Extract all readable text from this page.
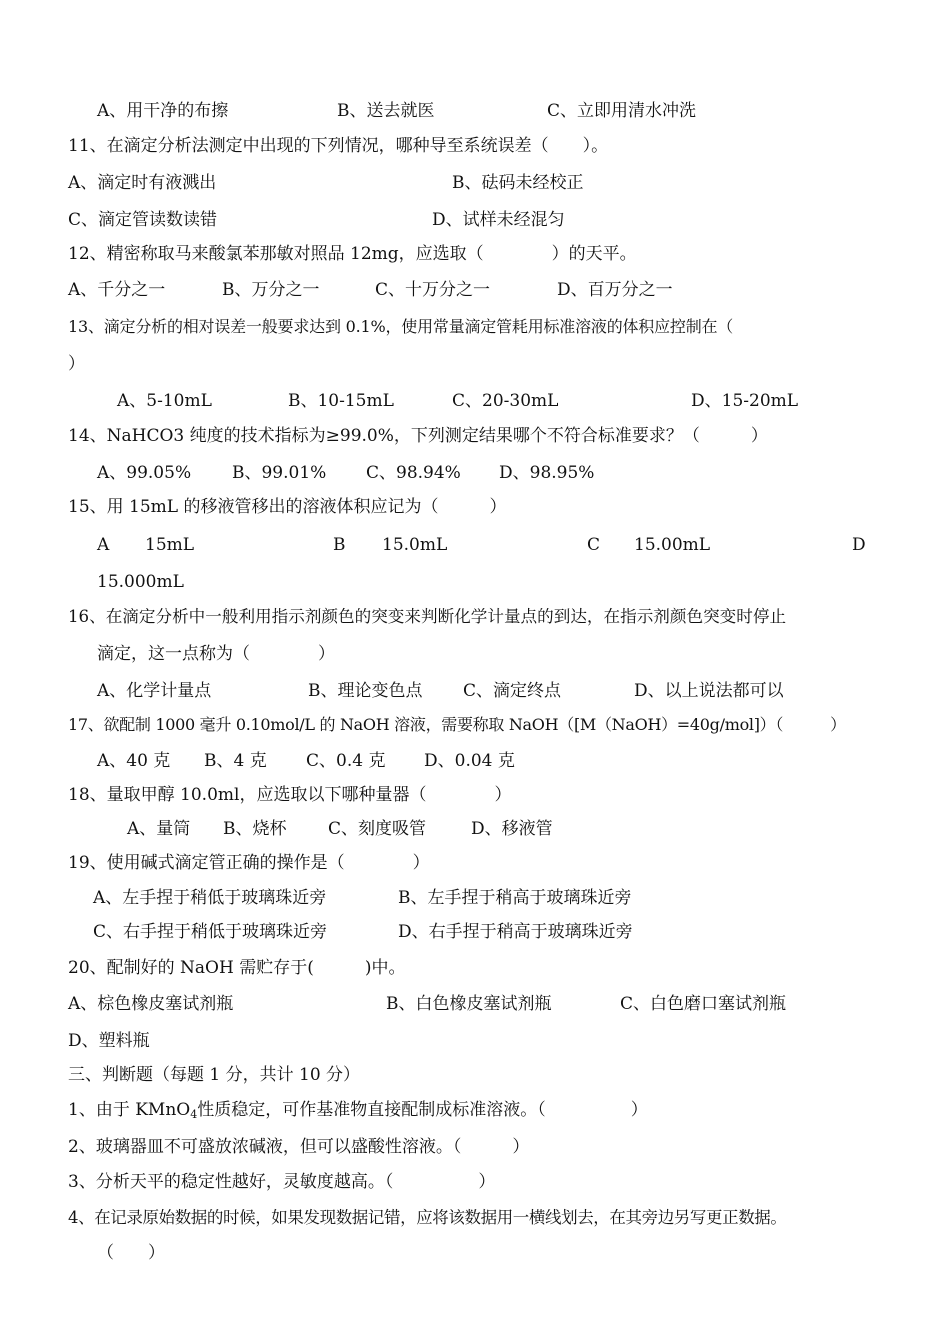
A、用干净的布擦	B、送去就医	C、立即用清水冲洗
11、在滴定分析法测定中出现的下列情况，哪种导至系统误差（　　）。
A、滴定时有液溅出	B、砝码未经校正
C、滴定管读数读错	D、试样未经混匀
12、精密称取马来酸氯苯那敏对照品 12mg，应选取（　　　　）的天平。
A、千分之一	B、万分之一	C、十万分之一	D、百万分之一
13、滴定分析的相对误差一般要求达到 0.1%，使用常量滴定管耗用标准溶液的体积应控制在（
）
A、5-10mL	B、10-15mL	C、20-30mL	D、15-20mL
14、NaHCO3 纯度的技术指标为≥99.0%，下列测定结果哪个不符合标准要求？（　　　）
A、99.05% B、99.01% C、98.94% D、98.95%
15、用 15mL 的移液管移出的溶液体积应记为（　　　）
A 15mL	B 15.0mL	C 15.00mL	D
15.000mL
16、在滴定分析中一般利用指示剂颜色的突变来判断化学计量点的到达，在指示剂颜色突变时停止
滴定，这一点称为（　　　　）
A、化学计量点	B、理论变色点 C、滴定终点	D、以上说法都可以
17、欲配制 1000 毫升 0.10mol/L 的 NaOH 溶液，需要称取 NaOH（[M（NaOH）=40g/mol]）（　　　）
A、40 克 B、4 克 C、0.4 克 D、0.04 克
18、量取甲醇 10.0ml，应选取以下哪种量器（　　　　）
A、量筒 B、烧杯 C、刻度吸管	D、移液管
19、使用碱式滴定管正确的操作是（　　　　）
A、左手捏于稍低于玻璃珠近旁	B、左手捏于稍高于玻璃珠近旁
C、右手捏于稍低于玻璃珠近旁	D、右手捏于稍高于玻璃珠近旁
20、配制好的 NaOH 需贮存于(　　　)中。
A、棕色橡皮塞试剂瓶	B、白色橡皮塞试剂瓶	C、白色磨口塞试剂瓶
D、塑料瓶
三、判断题（每题 1 分，共计 10 分）
1、由于 KMnO$_4$性质稳定，可作基准物直接配制成标准溶液。（　　　　　）
2、玻璃器皿不可盛放浓碱液，但可以盛酸性溶液。（　　　）
3、分析天平的稳定性越好，灵敏度越高。（　　　　　）
4、在记录原始数据的时候，如果发现数据记错，应将该数据用一横线划去，在其旁边另写更正数据。
（　　）
